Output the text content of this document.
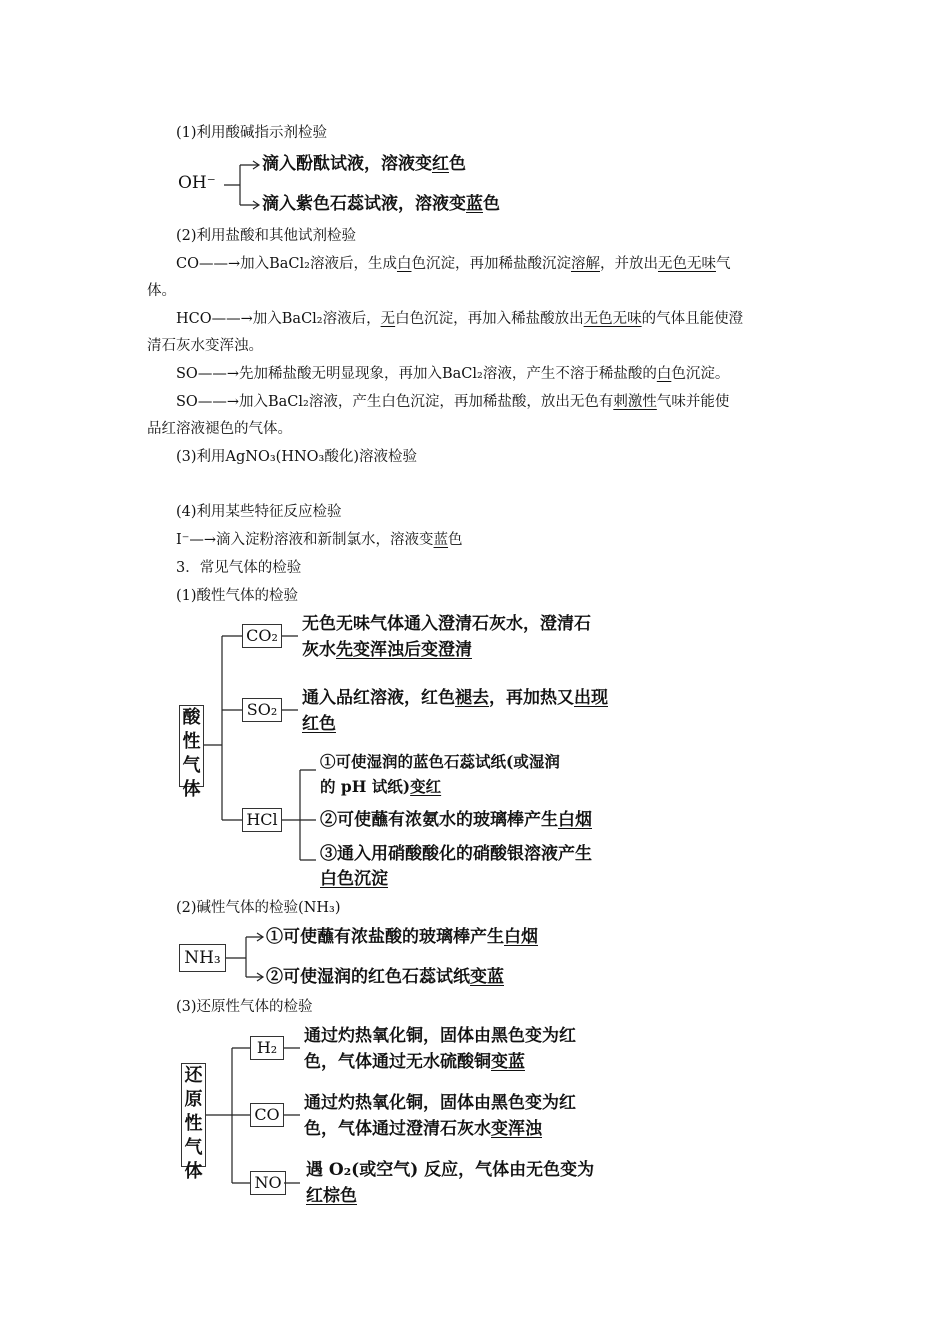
(1)利用酸碱指示剂检验
OH⁻
滴入酚酞试液，溶液变红色
滴入紫色石蕊试液，溶液变蓝色
(2)利用盐酸和其他试剂检验
CO——→加入BaCl₂溶液后，生成白色沉淀，再加稀盐酸沉淀溶解，并放出无色无味气
体。
HCO——→加入BaCl₂溶液后，无白色沉淀，再加入稀盐酸放出无色无味的气体且能使澄
清石灰水变浑浊。
SO——→先加稀盐酸无明显现象，再加入BaCl₂溶液，产生不溶于稀盐酸的白色沉淀。
SO——→加入BaCl₂溶液，产生白色沉淀，再加稀盐酸，放出无色有刺激性气味并能使
品红溶液褪色的气体。
(3)利用AgNO₃(HNO₃酸化)溶液检验
(4)利用某些特征反应检验
I⁻—→滴入淀粉溶液和新制氯水，溶液变蓝色
3．常见气体的检验
(1)酸性气体的检验
酸性气体
CO₂
SO₂
HCl
无色无味气体通入澄清石灰水，澄清石
灰水先变浑浊后变澄清
通入品红溶液，红色褪去，再加热又出现
红色
①可使湿润的蓝色石蕊试纸(或湿润
的 pH 试纸)变红
②可使蘸有浓氨水的玻璃棒产生白烟
③通入用硝酸酸化的硝酸银溶液产生
白色沉淀
(2)碱性气体的检验(NH₃)
NH₃
①可使蘸有浓盐酸的玻璃棒产生白烟
②可使湿润的红色石蕊试纸变蓝
(3)还原性气体的检验
还原性气体
H₂
CO
NO
通过灼热氧化铜，固体由黑色变为红
色，气体通过无水硫酸铜变蓝
通过灼热氧化铜，固体由黑色变为红
色，气体通过澄清石灰水变浑浊
遇 O₂(或空气) 反应，气体由无色变为
红棕色
